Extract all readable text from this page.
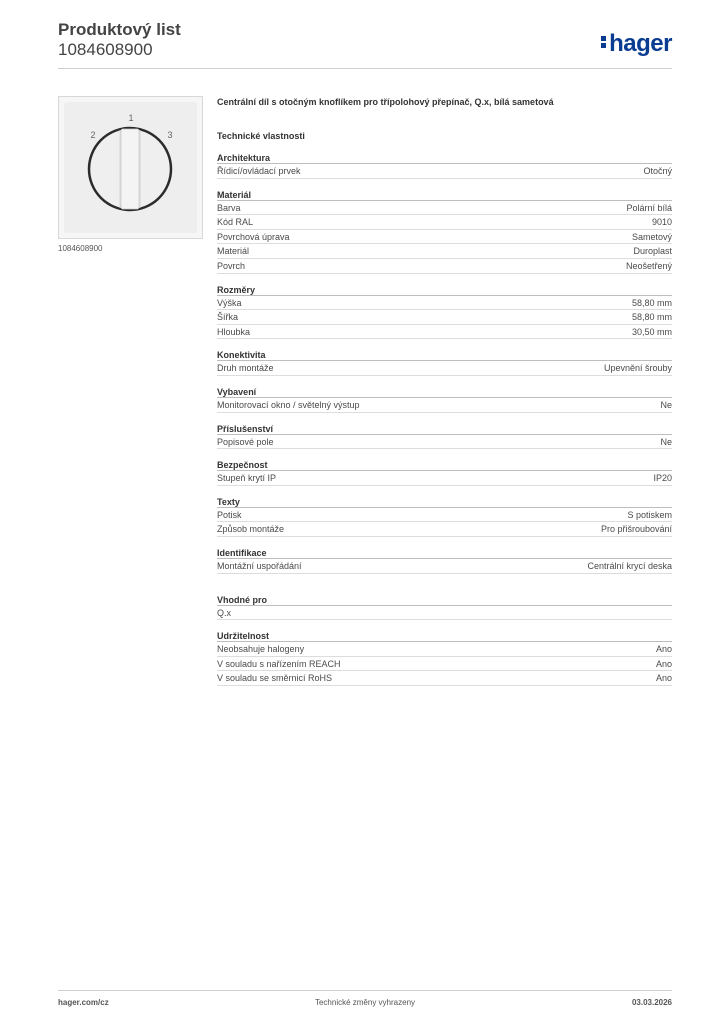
Produktový list
1084608900	hager
1
2	3
1084608900
Centrální díl s otočným knoflíkem pro třípolohový přepínač, Q.x, bílá sametová
Technické vlastnosti
Architektura
Řídicí/ovládací prvek	Otočný
Materiál
Barva	Polární bílá
Kód RAL	9010
Povrchová úprava	Sametový
Materiál	Duroplast
Povrch	Neošetřený
Rozměry
Výška	58,80 mm
Šířka	58,80 mm
Hloubka	30,50 mm
Konektivita
Druh montáže	Upevnění šrouby
Vybavení
Monitorovací okno / světelný výstup	Ne
Příslušenství
Popisové pole	Ne
Bezpečnost
Stupeň krytí IP	IP20
Texty
Potisk	S potiskem
Způsob montáže	Pro přišroubování
Identifikace
Montážní uspořádání	Centrální krycí deska
Vhodné pro
Q.x
Udržitelnost
Neobsahuje halogeny	Ano
V souladu s nařízením REACH	Ano
V souladu se směrnicí RoHS	Ano
hager.com/cz	Technické změny vyhrazeny	03.03.2026
